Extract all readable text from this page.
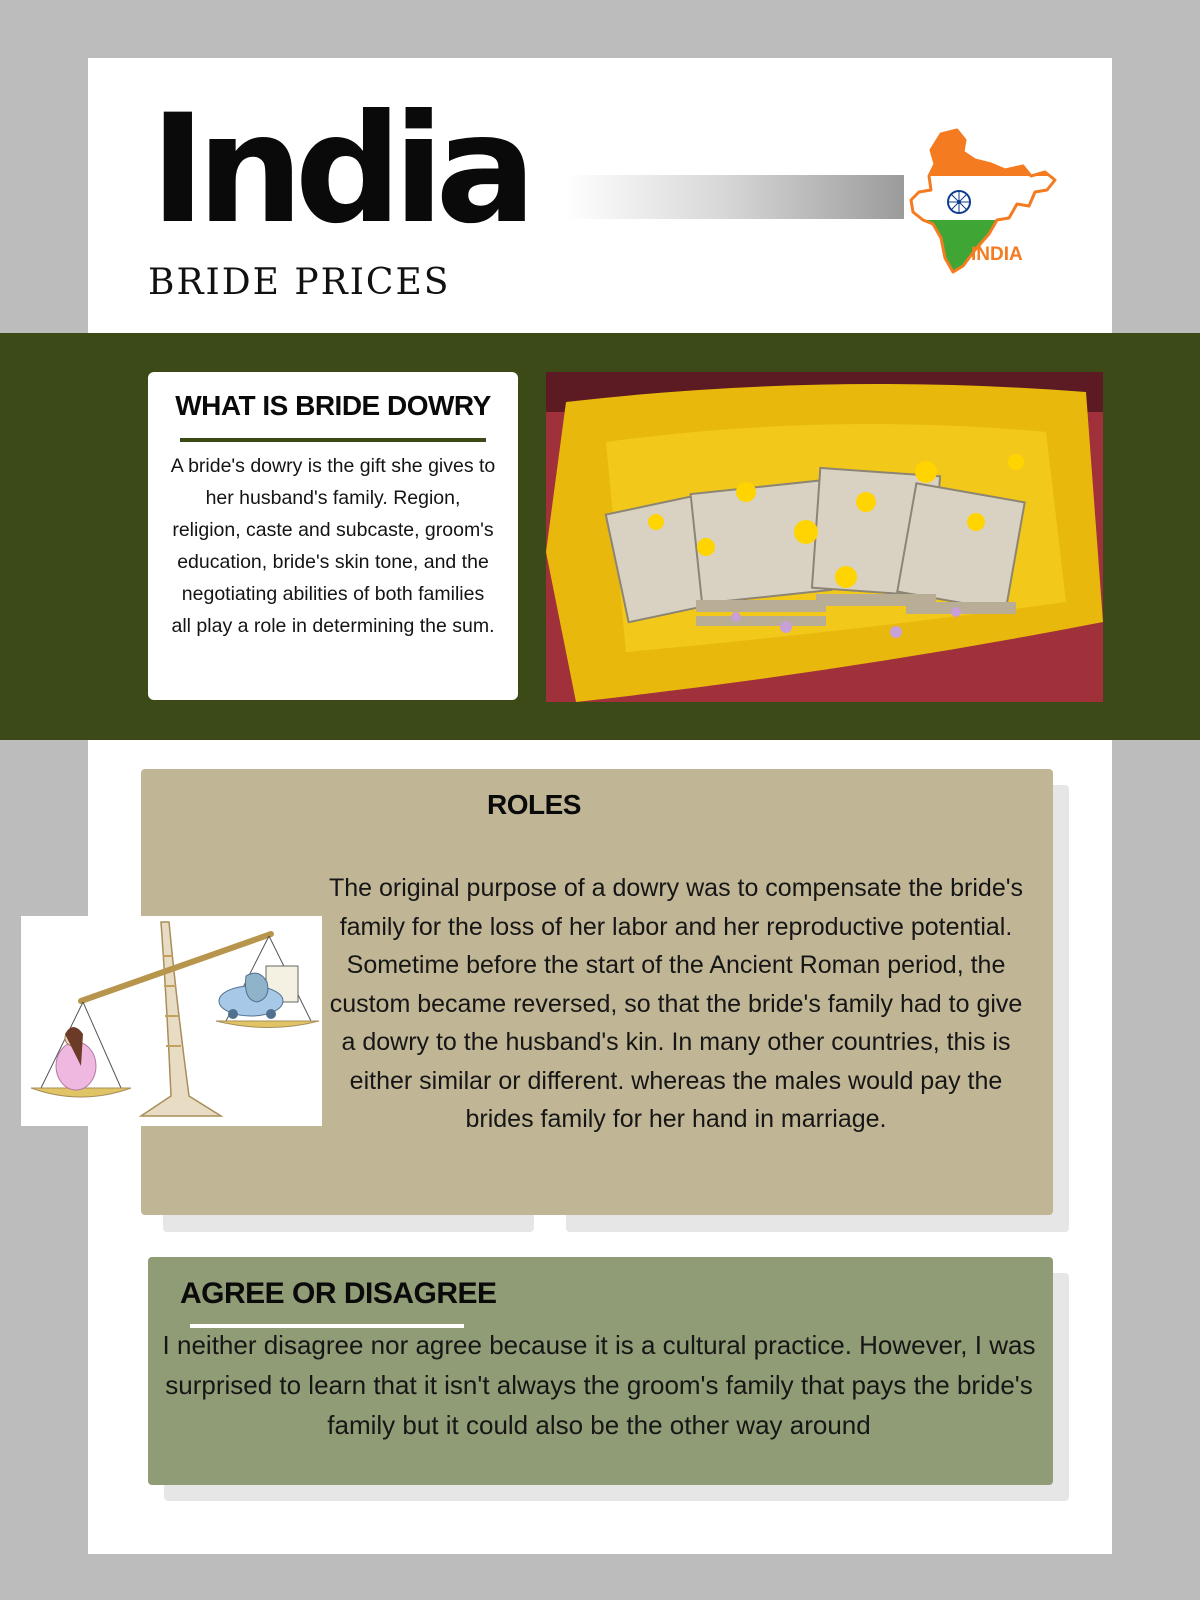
India
BRIDE PRICES
INDIA
WHAT IS BRIDE DOWRY

A bride's dowry is the gift she gives to her husband's family. Region, religion, caste and subcaste, groom's education, bride's skin tone, and the negotiating abilities of both families all play a role in determining the sum.

ROLES

The original purpose of a dowry was to compensate the bride's family for the loss of her labor and her reproductive potential. Sometime before the start of the Ancient Roman period, the custom became reversed, so that the bride's family had to give a dowry to the husband's kin. In many other countries, this is either similar or different. whereas the males would pay the brides family for her hand in marriage.

AGREE OR DISAGREE

I neither disagree nor agree because it is a cultural practice. However, I was surprised to learn that it isn't always the groom's family that pays the bride's family but it could also be the other way around
